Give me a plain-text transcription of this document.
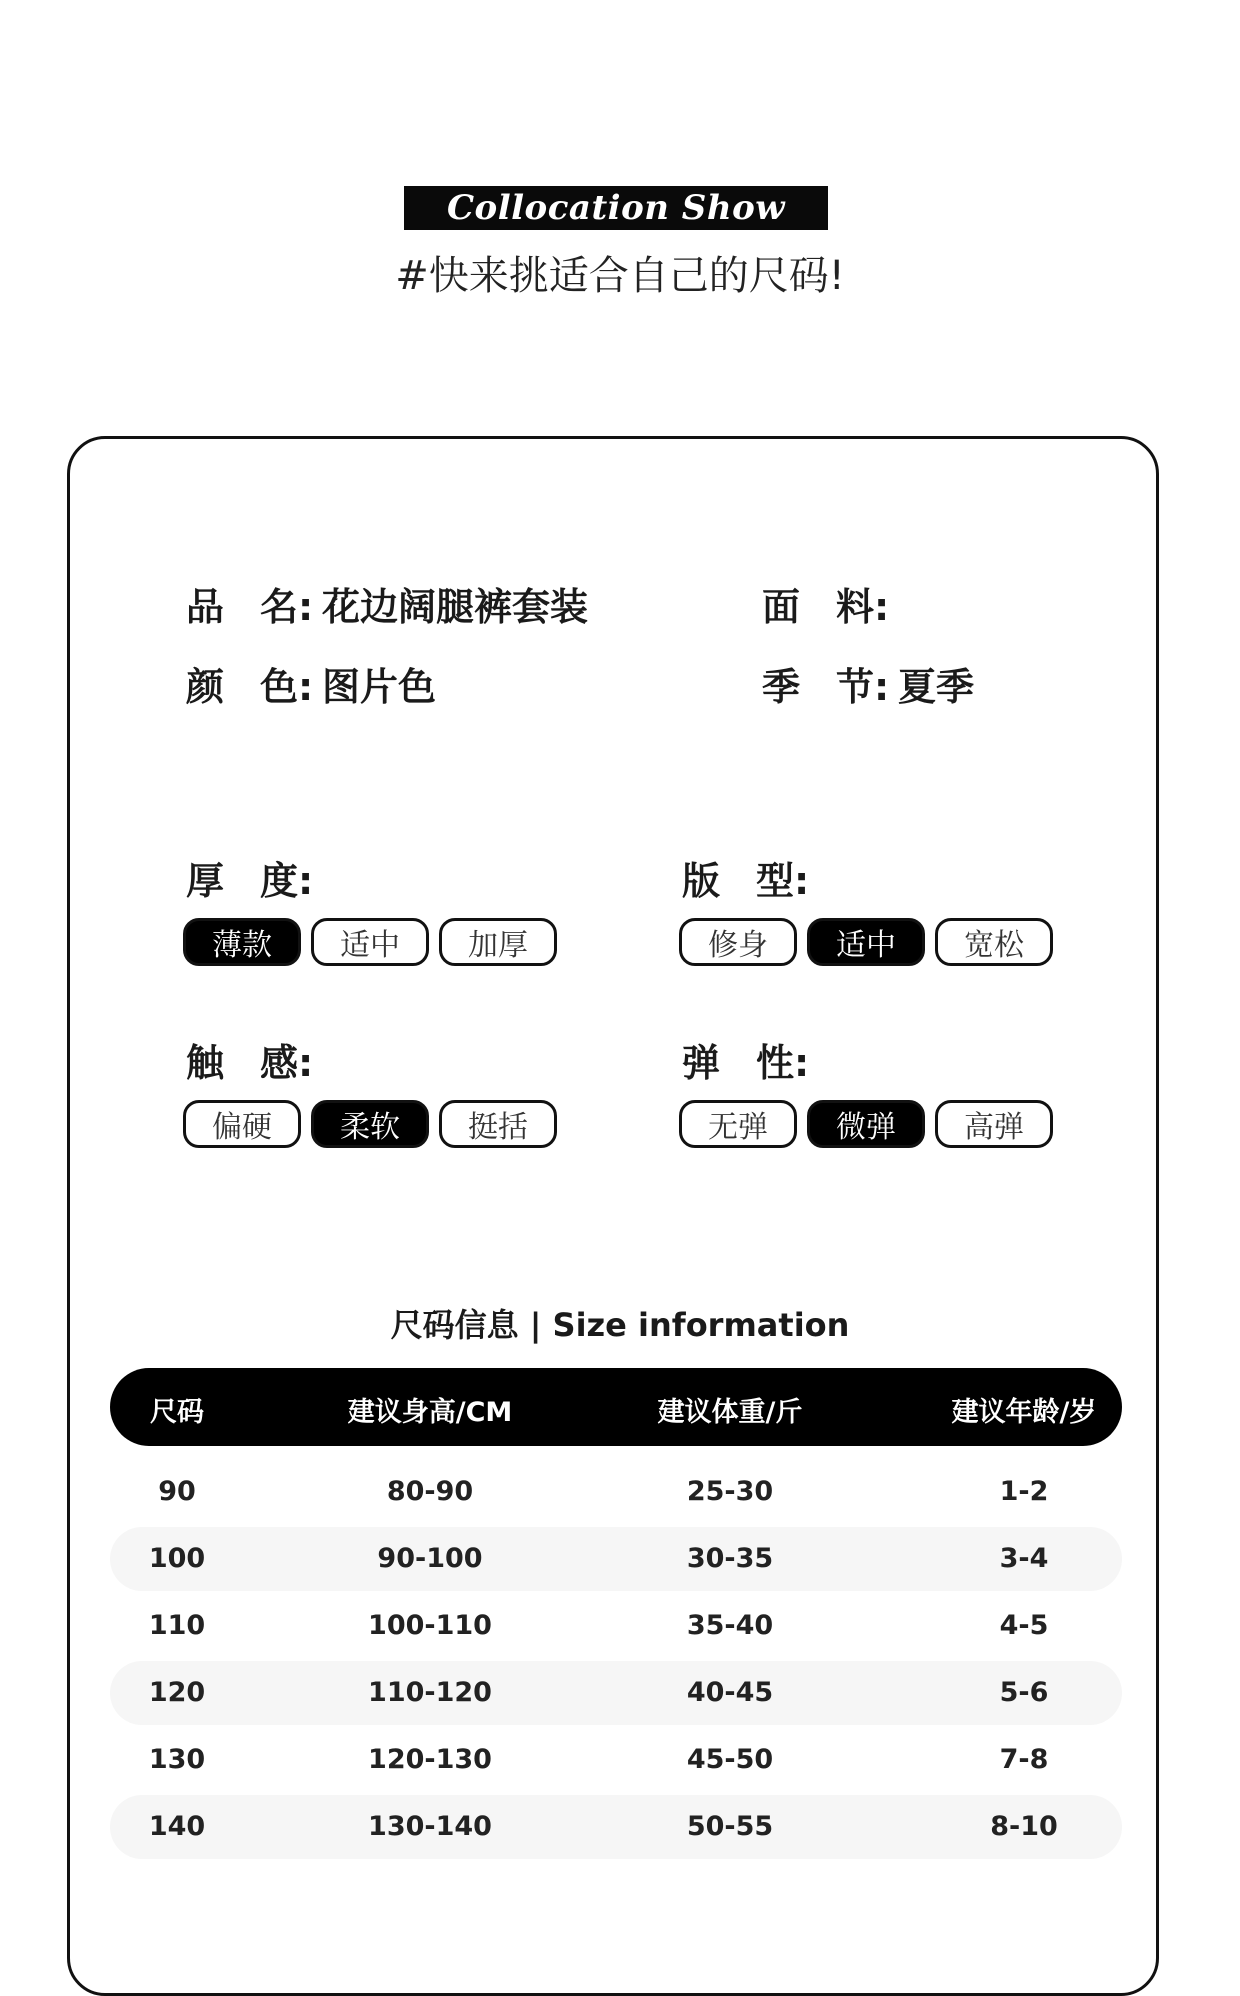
Collocation Show
#快来挑适合自己的尺码!
品 名: 花边阔腿裤套装	面 料:
颜 色: 图片色	季 节: 夏季
厚 度:
薄款	适中	加厚
版 型:
修身	适中	宽松
触 感:
偏硬	柔软	挺括
弹 性:
无弹	微弹	高弹
尺码信息 | Size information
尺码	建议身高/CM	建议体重/斤	建议年龄/岁
90	80-90	25-30	1-2
100	90-100	30-35	3-4
110	100-110	35-40	4-5
120	110-120	40-45	5-6
130	120-130	45-50	7-8
140	130-140	50-55	8-10
